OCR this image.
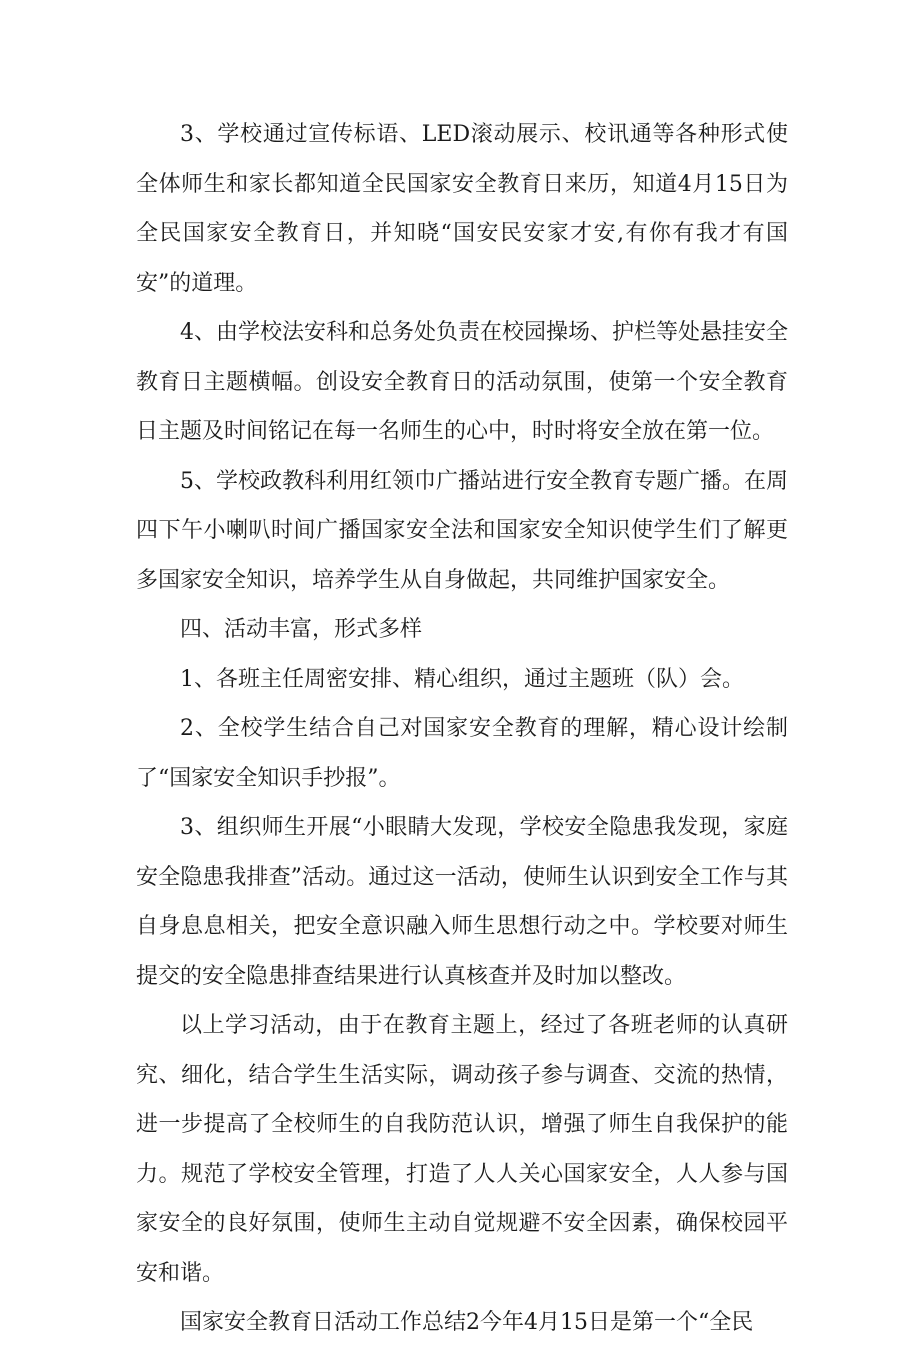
3、学校通过宣传标语、LED滚动展示、校讯通等各种形式使全体师生和家长都知道全民国家安全教育日来历，知道4月15日为全民国家安全教育日，并知晓“国安民安家才安,有你有我才有国安”的道理。

4、由学校法安科和总务处负责在校园操场、护栏等处悬挂安全教育日主题横幅。创设安全教育日的活动氛围，使第一个安全教育日主题及时间铭记在每一名师生的心中，时时将安全放在第一位。

5、学校政教科利用红领巾广播站进行安全教育专题广播。在周四下午小喇叭时间广播国家安全法和国家安全知识使学生们了解更多国家安全知识，培养学生从自身做起，共同维护国家安全。

四、活动丰富，形式多样

1、各班主任周密安排、精心组织，通过主题班（队）会。

2、全校学生结合自己对国家安全教育的理解，精心设计绘制了“国家安全知识手抄报”。

3、组织师生开展“小眼睛大发现，学校安全隐患我发现，家庭安全隐患我排查”活动。通过这一活动，使师生认识到安全工作与其自身息息相关，把安全意识融入师生思想行动之中。学校要对师生提交的安全隐患排查结果进行认真核查并及时加以整改。

以上学习活动，由于在教育主题上，经过了各班老师的认真研究、细化，结合学生生活实际，调动孩子参与调查、交流的热情，进一步提高了全校师生的自我防范认识，增强了师生自我保护的能力。规范了学校安全管理，打造了人人关心国家安全，人人参与国家安全的良好氛围，使师生主动自觉规避不安全因素，确保校园平安和谐。

国家安全教育日活动工作总结2今年4月15日是第一个“全民
